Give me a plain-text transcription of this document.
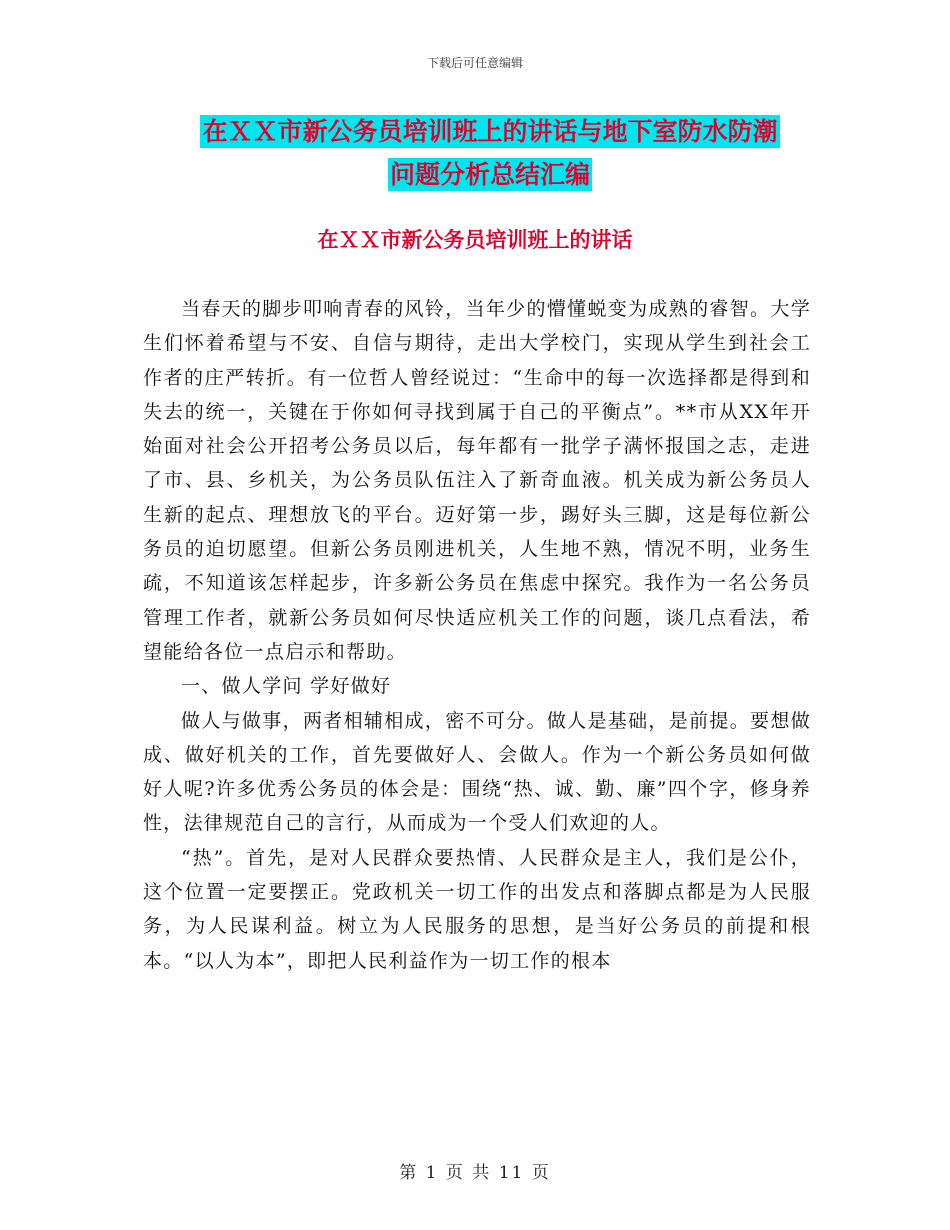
下载后可任意编辑
在ＸＸ市新公务员培训班上的讲话与地下室防水防潮
问题分析总结汇编
在ＸＸ市新公务员培训班上的讲话

当春天的脚步叩响青春的风铃，当年少的懵懂蜕变为成熟的睿智。大学生们怀着希望与不安、自信与期待，走出大学校门，实现从学生到社会工作者的庄严转折。有一位哲人曾经说过：“生命中的每一次选择都是得到和失去的统一，关键在于你如何寻找到属于自己的平衡点”。**市从XX年开始面对社会公开招考公务员以后，每年都有一批学子满怀报国之志，走进了市、县、乡机关，为公务员队伍注入了新奇血液。机关成为新公务员人生新的起点、理想放飞的平台。迈好第一步，踢好头三脚，这是每位新公务员的迫切愿望。但新公务员刚进机关，人生地不熟，情况不明，业务生疏，不知道该怎样起步，许多新公务员在焦虑中探究。我作为一名公务员管理工作者，就新公务员如何尽快适应机关工作的问题，谈几点看法，希望能给各位一点启示和帮助。

一、做人学问 学好做好

做人与做事，两者相辅相成，密不可分。做人是基础，是前提。要想做成、做好机关的工作，首先要做好人、会做人。作为一个新公务员如何做好人呢?许多优秀公务员的体会是：围绕“热、诚、勤、廉”四个字，修身养性，法律规范自己的言行，从而成为一个受人们欢迎的人。

“热”。首先，是对人民群众要热情、人民群众是主人，我们是公仆，这个位置一定要摆正。党政机关一切工作的出发点和落脚点都是为人民服务，为人民谋利益。树立为人民服务的思想，是当好公务员的前提和根本。“以人为本”，即把人民利益作为一切工作的根本

第 1 页 共 11 页
